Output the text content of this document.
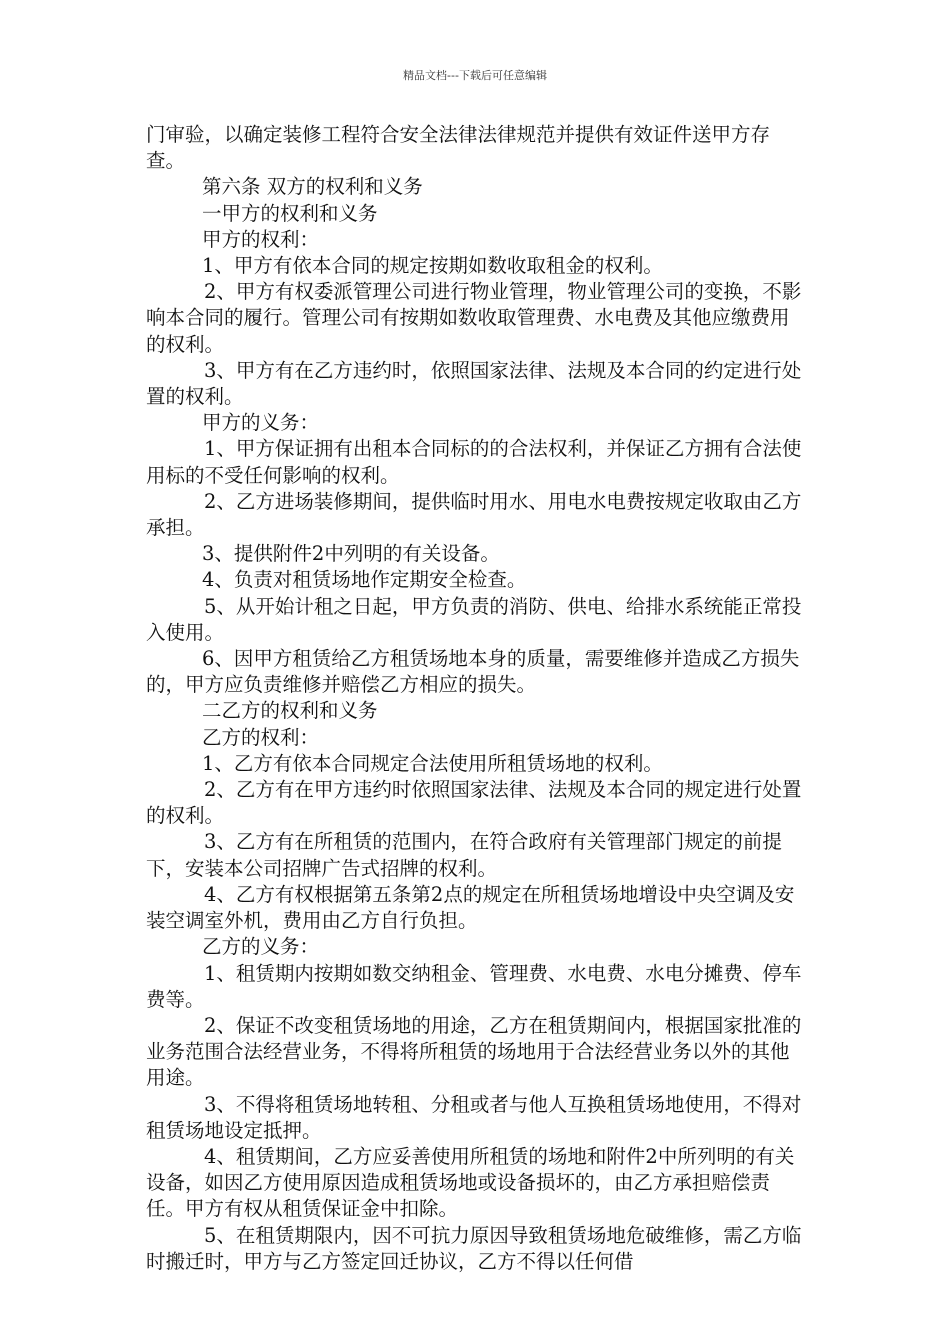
精品文档---下载后可任意编辑

门审验，以确定装修工程符合安全法律法律规范并提供有效证件送甲方存查。

第六条 双方的权利和义务

一甲方的权利和义务

甲方的权利：

1、甲方有依本合同的规定按期如数收取租金的权利。

2、甲方有权委派管理公司进行物业管理，物业管理公司的变换，不影响本合同的履行。管理公司有按期如数收取管理费、水电费及其他应缴费用的权利。

3、甲方有在乙方违约时，依照国家法律、法规及本合同的约定进行处置的权利。

甲方的义务：

1、甲方保证拥有出租本合同标的的合法权利，并保证乙方拥有合法使用标的不受任何影响的权利。

2、乙方进场装修期间，提供临时用水、用电水电费按规定收取由乙方承担。

3、提供附件2中列明的有关设备。

4、负责对租赁场地作定期安全检查。

5、从开始计租之日起，甲方负责的消防、供电、给排水系统能正常投入使用。

6、因甲方租赁给乙方租赁场地本身的质量，需要维修并造成乙方损失的，甲方应负责维修并赔偿乙方相应的损失。

二乙方的权利和义务

乙方的权利：

1、乙方有依本合同规定合法使用所租赁场地的权利。

2、乙方有在甲方违约时依照国家法律、法规及本合同的规定进行处置的权利。

3、乙方有在所租赁的范围内，在符合政府有关管理部门规定的前提下，安装本公司招牌广告式招牌的权利。

4、乙方有权根据第五条第2点的规定在所租赁场地增设中央空调及安装空调室外机，费用由乙方自行负担。

乙方的义务：

1、租赁期内按期如数交纳租金、管理费、水电费、水电分摊费、停车费等。

2、保证不改变租赁场地的用途，乙方在租赁期间内，根据国家批准的业务范围合法经营业务，不得将所租赁的场地用于合法经营业务以外的其他用途。

3、不得将租赁场地转租、分租或者与他人互换租赁场地使用，不得对租赁场地设定抵押。

4、租赁期间，乙方应妥善使用所租赁的场地和附件2中所列明的有关设备，如因乙方使用原因造成租赁场地或设备损坏的，由乙方承担赔偿责任。甲方有权从租赁保证金中扣除。

5、在租赁期限内，因不可抗力原因导致租赁场地危破维修，需乙方临时搬迁时，甲方与乙方签定回迁协议，乙方不得以任何借
